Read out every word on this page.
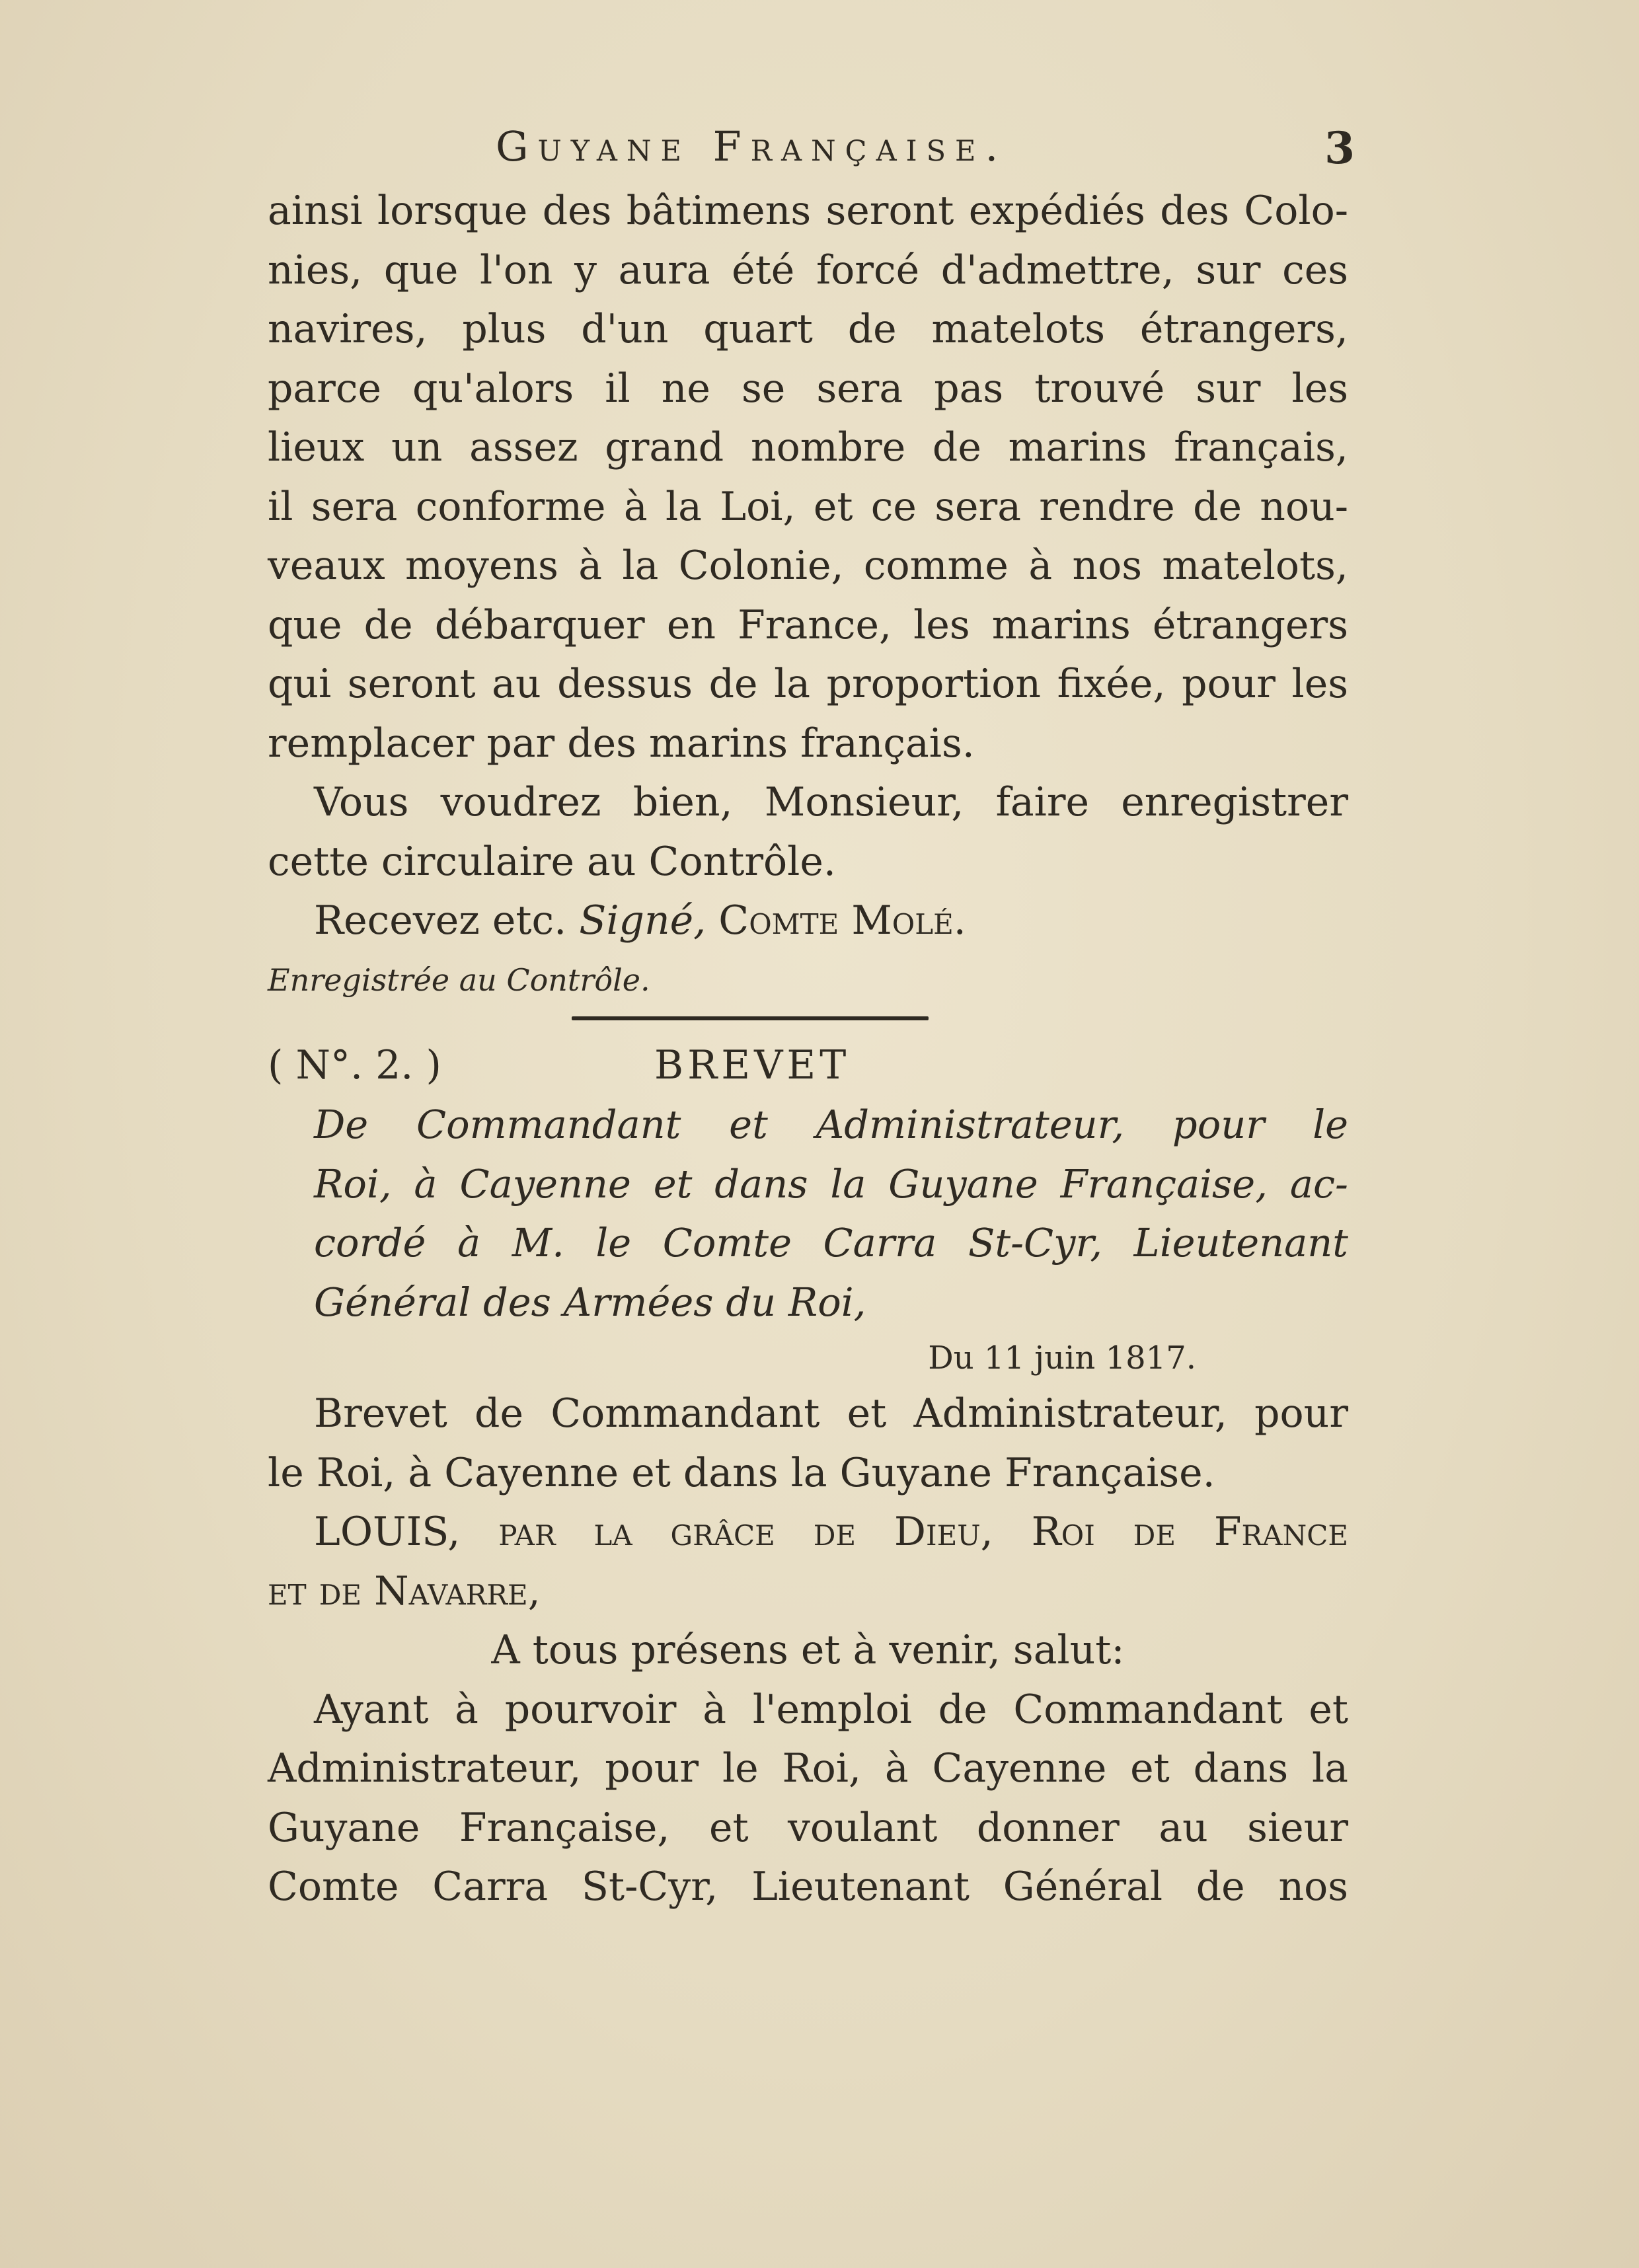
Guyane Française.	3
ainsi lorsque des bâtimens seront expédiés des Colo-
nies, que l'on y aura été forcé d'admettre, sur ces
navires, plus d'un quart de matelots étrangers,
parce qu'alors il ne se sera pas trouvé sur les
lieux un assez grand nombre de marins français,
il sera conforme à la Loi, et ce sera rendre de nou-
veaux moyens à la Colonie, comme à nos matelots,
que de débarquer en France, les marins étrangers
qui seront au dessus de la proportion fixée, pour les
remplacer par des marins français.
Vous voudrez bien, Monsieur, faire enregistrer
cette circulaire au Contrôle.
Recevez etc. Signé, Comte Molé.
Enregistrée au Contrôle.
( N°. 2. )	BREVET
De Commandant et Administrateur, pour le
Roi, à Cayenne et dans la Guyane Française, ac-
cordé à M. le Comte Carra St-Cyr, Lieutenant
Général des Armées du Roi,
Du 11 juin 1817.
Brevet de Commandant et Administrateur, pour
le Roi, à Cayenne et dans la Guyane Française.
LOUIS, par la grâce de Dieu, Roi de France
et de Navarre,
A tous présens et à venir, salut:
Ayant à pourvoir à l'emploi de Commandant et
Administrateur, pour le Roi, à Cayenne et dans la
Guyane Française, et voulant donner au sieur
Comte Carra St-Cyr, Lieutenant Général de nos
